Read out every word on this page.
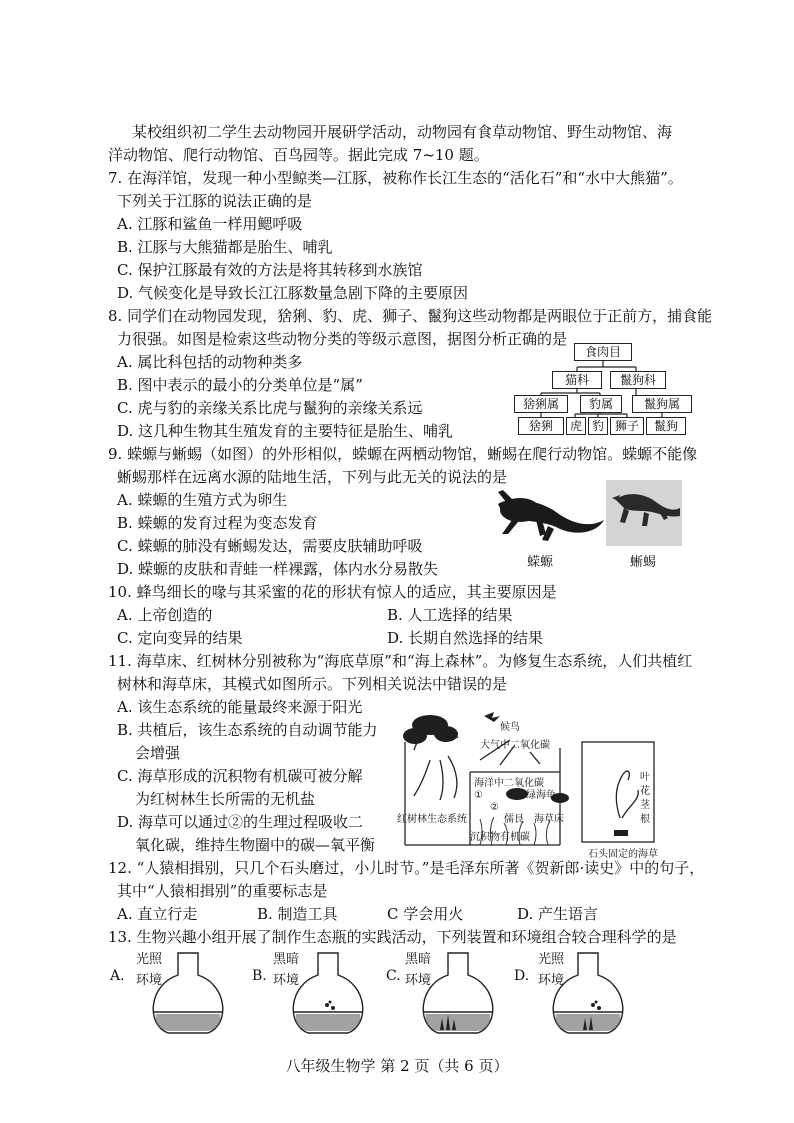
某校组织初二学生去动物园开展研学活动，动物园有食草动物馆、野生动物馆、海
洋动物馆、爬行动物馆、百鸟园等。据此完成 7~10 题。
7. 在海洋馆，发现一种小型鲸类—江豚，被称作长江生态的“活化石”和“水中大熊猫”。
下列关于江豚的说法正确的是
A. 江豚和鲨鱼一样用鳃呼吸
B. 江豚与大熊猫都是胎生、哺乳
C. 保护江豚最有效的方法是将其转移到水族馆
D. 气候变化是导致长江江豚数量急剧下降的主要原因
8. 同学们在动物园发现，猞猁、豹、虎、狮子、鬣狗这些动物都是两眼位于正前方，捕食能
力很强。如图是检索这些动物分类的等级示意图，据图分析正确的是
A. 属比科包括的动物种类多
B. 图中表示的最小的分类单位是“属”
C. 虎与豹的亲缘关系比虎与鬣狗的亲缘关系远
D. 这几种生物其生殖发育的主要特征是胎生、哺乳
食肉目
猫科	鬣狗科
猞猁属	豹属	鬣狗属
猞猁	虎 豹 狮子	鬣狗
9. 蝾螈与蜥蜴（如图）的外形相似，蝾螈在两栖动物馆，蜥蜴在爬行动物馆。蝾螈不能像
蜥蜴那样在远离水源的陆地生活，下列与此无关的说法的是
A. 蝾螈的生殖方式为卵生
B. 蝾螈的发育过程为变态发育
C. 蝾螈的肺没有蜥蜴发达，需要皮肤辅助呼吸
D. 蝾螈的皮肤和青蛙一样裸露，体内水分易散失	蝾螈	蜥蜴
10. 蜂鸟细长的喙与其采蜜的花的形状有惊人的适应，其主要原因是
A. 上帝创造的	B. 人工选择的结果
C. 定向变异的结果	D. 长期自然选择的结果
11. 海草床、红树林分别被称为“海底草原”和“海上森林”。为修复生态系统，人们共植红
树林和海草床，其模式如图所示。下列相关说法中错误的是
A. 该生态系统的能量最终来源于阳光
B. 共植后，该生态系统的自动调节能力
会增强
C. 海草形成的沉积物有机碳可被分解
为红树林生长所需的无机盐
D. 海草可以通过②的生理过程吸收二
氧化碳，维持生物圈中的碳—氧平衡
候鸟
大气中二氧化碳
海洋中二氧化碳
①
②
绿海龟
红树林生态系统	儒艮 海草床
沉积物有机碳
叶
花
茎
根
石头固定的海草
12. “人猿相揖别，只几个石头磨过，小儿时节。”是毛泽东所著《贺新郎·读史》中的句子，
其中“人猿相揖别”的重要标志是
A. 直立行走	B. 制造工具	C 学会用火	D. 产生语言
13. 生物兴趣小组开展了制作生态瓶的实践活动，下列装置和环境组合较合理科学的是
A.
光照
环境	B.
黑暗
环境	C.
黑暗
环境	D.
光照
环境
八年级生物学 第 2 页（共 6 页）
